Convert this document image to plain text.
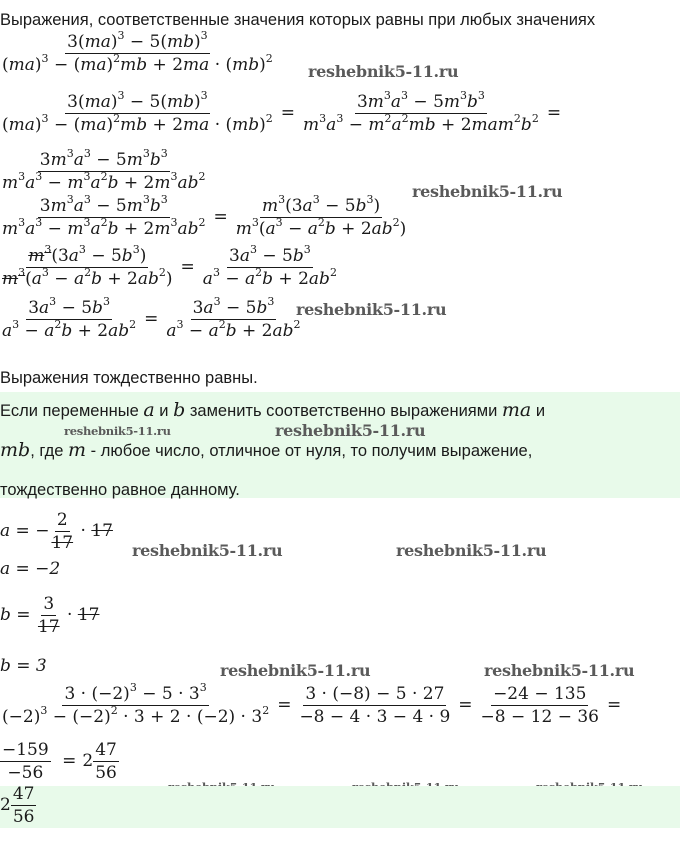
Выражения, соответственные значения которых равны при любых значениях
$\frac{3(ma)^3 - 5(mb)^3}{(ma)^3 - (ma)^2mb + 2ma \cdot (mb)^2}$ reshebnik5-11.ru
$\frac{3(ma)^3 - 5(mb)^3}{(ma)^3 - (ma)^2mb + 2ma \cdot (mb)^2} = \frac{3m^3a^3 - 5m^3b^3}{m^3a^3 - m^2a^2mb + 2mam^2b^2}$ =
$\frac{3m^3a^3 - 5m^3b^3}{m^3a^3 - m^3a^2b + 2m^3ab^2}$	reshebnik5-11.ru
$\frac{3m^3a^3 - 5m^3b^3}{m^3a^3 - m^3a^2b + 2m^3ab^2} = \frac{m^3(3a^3 - 5b^3)}{m^3(a^3 - a^2b + 2ab^2)}$
$\frac{m^3(3a^3 - 5b^3)}{m^3(a^3 - a^2b + 2ab^2)} = \frac{3a^3 - 5b^3}{a^3 - a^2b + 2ab^2}$
$\frac{3a^3 - 5b^3}{a^3 - a^2b + 2ab^2} = \frac{3a^3 - 5b^3}{a^3 - a^2b + 2ab^2}$
reshebnik5-11.ru
Выражения тождественно равны.
Если переменные a и b заменить соответственно выражениями ma и
reshebnik5-11.ru	reshebnik5-11.ru
mb, где m - любое число, отличное от нуля, то получим выражение,
тождественно равное данному.
a = − $\frac{2}{17} \cdot 17$
reshebnik5-11.ru	reshebnik5-11.ru
a = −2
$b = \frac{3}{17} \cdot 17$
b = 3	reshebnik5-11.ru	reshebnik5-11.ru
$\frac{3 \cdot (-2)^3 - 5 \cdot 3^3}{(-2)^3 - (-2)^2 \cdot 3 + 2 \cdot (-2) \cdot 3^2} = \frac{3 \cdot (-8) - 5 \cdot 27}{-8 - 4 \cdot 3 - 4 \cdot 9} = \frac{-24 - 135}{-8 - 12 - 36}$ =
$\frac{-159}{-56} = 2 \frac{47}{56}$
$2 \frac{47}{56}$
